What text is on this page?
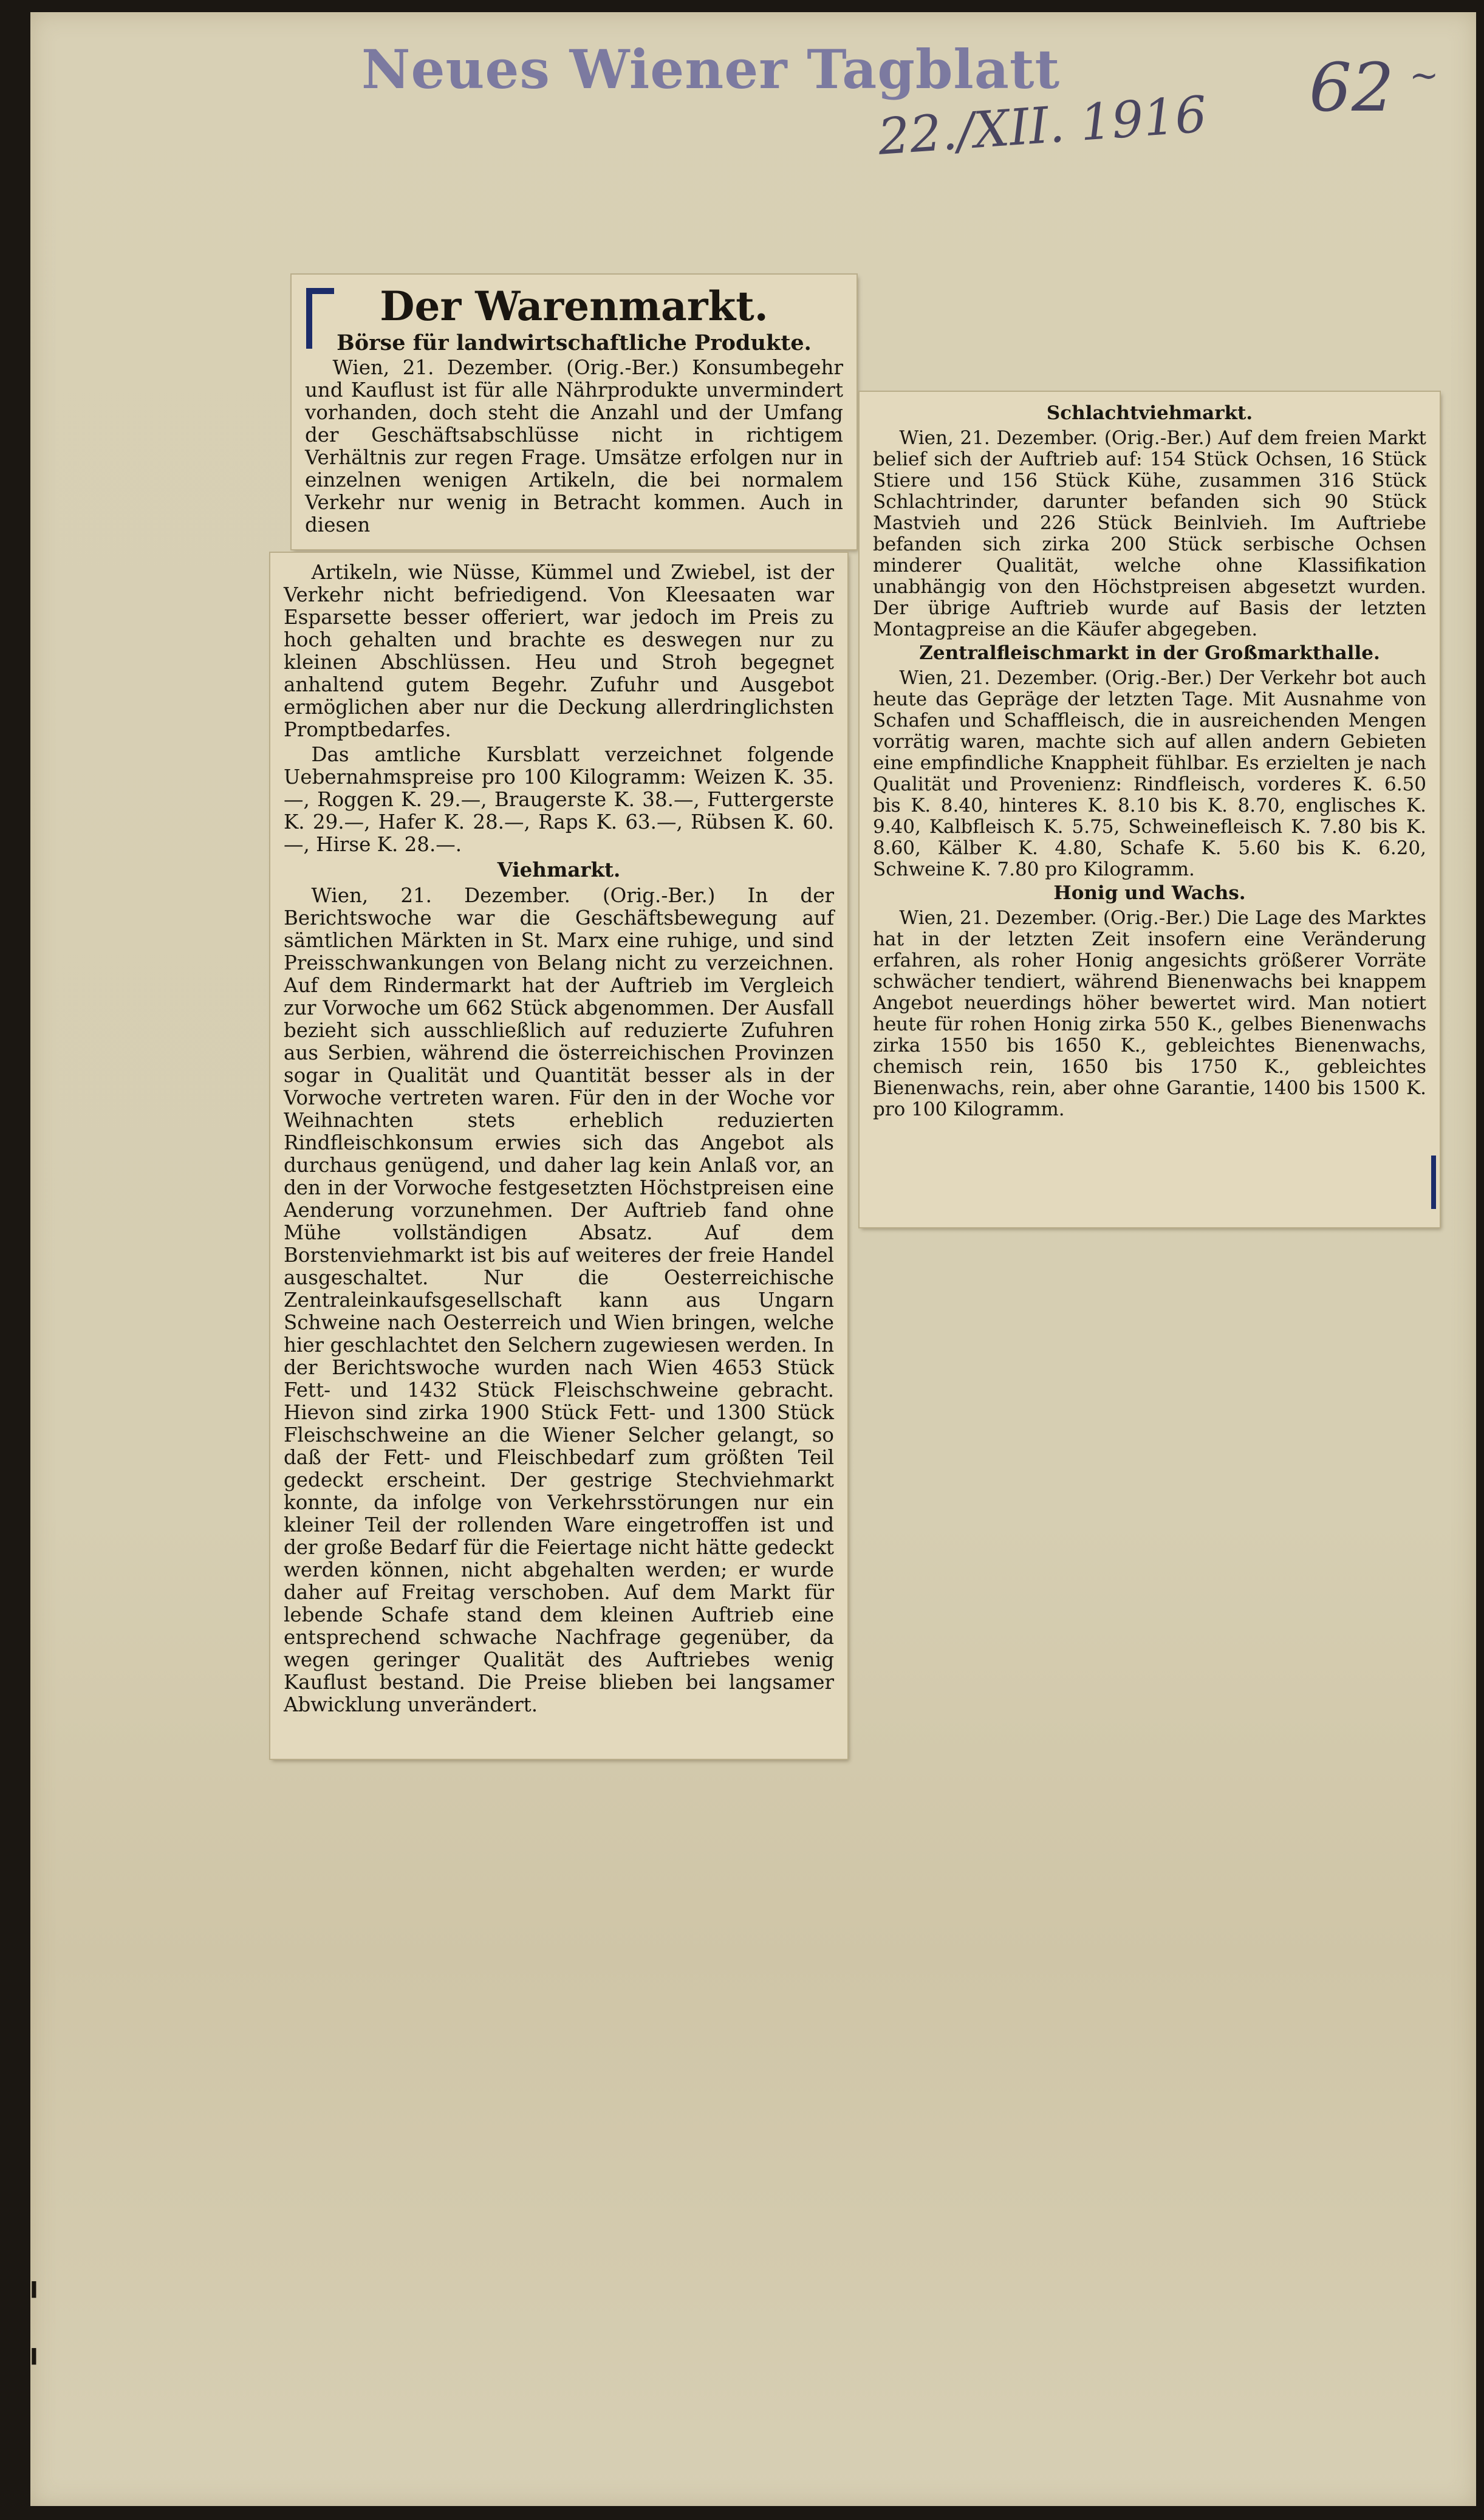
Neues Wiener Tagblatt
22./XII. 1916 62 ~
Der Warenmarkt.
Börse für landwirtschaftliche Produkte.

Wien, 21. Dezember. (Orig.-Ber.) Konsumbegehr und Kauflust ist für alle Nährprodukte unvermindert vorhanden, doch steht die Anzahl und der Umfang der Geschäftsabschlüsse nicht in richtigem Verhältnis zur regen Frage. Umsätze erfolgen nur in einzelnen wenigen Artikeln, die bei normalem Verkehr nur wenig in Betracht kommen. Auch in diesen

Artikeln, wie Nüsse, Kümmel und Zwiebel, ist der Verkehr nicht befriedigend. Von Kleesaaten war Esparsette besser offeriert, war jedoch im Preis zu hoch gehalten und brachte es deswegen nur zu kleinen Abschlüssen. Heu und Stroh begegnet anhaltend gutem Begehr. Zufuhr und Ausgebot ermöglichen aber nur die Deckung allerdringlichsten Promptbedarfes.

Das amtliche Kursblatt verzeichnet folgende Uebernahmspreise pro 100 Kilogramm: Weizen K. 35.—, Roggen K. 29.—, Braugerste K. 38.—, Futtergerste K. 29.—, Hafer K. 28.—, Raps K. 63.—, Rübsen K. 60.—, Hirse K. 28.—.

Viehmarkt.

Wien, 21. Dezember. (Orig.-Ber.) In der Berichtswoche war die Geschäftsbewegung auf sämtlichen Märkten in St. Marx eine ruhige, und sind Preisschwankungen von Belang nicht zu verzeichnen. Auf dem Rindermarkt hat der Auftrieb im Vergleich zur Vorwoche um 662 Stück abgenommen. Der Ausfall bezieht sich ausschließlich auf reduzierte Zufuhren aus Serbien, während die österreichischen Provinzen sogar in Qualität und Quantität besser als in der Vorwoche vertreten waren. Für den in der Woche vor Weihnachten stets erheblich reduzierten Rindfleischkonsum erwies sich das Angebot als durchaus genügend, und daher lag kein Anlaß vor, an den in der Vorwoche festgesetzten Höchstpreisen eine Aenderung vorzunehmen. Der Auftrieb fand ohne Mühe vollständigen Absatz. Auf dem Borstenviehmarkt ist bis auf weiteres der freie Handel ausgeschaltet. Nur die Oesterreichische Zentraleinkaufsgesellschaft kann aus Ungarn Schweine nach Oesterreich und Wien bringen, welche hier geschlachtet den Selchern zugewiesen werden. In der Berichtswoche wurden nach Wien 4653 Stück Fett- und 1432 Stück Fleischschweine gebracht. Hievon sind zirka 1900 Stück Fett- und 1300 Stück Fleischschweine an die Wiener Selcher gelangt, so daß der Fett- und Fleischbedarf zum größten Teil gedeckt erscheint. Der gestrige Stechviehmarkt konnte, da infolge von Verkehrsstörungen nur ein kleiner Teil der rollenden Ware eingetroffen ist und der große Bedarf für die Feiertage nicht hätte gedeckt werden können, nicht abgehalten werden; er wurde daher auf Freitag verschoben. Auf dem Markt für lebende Schafe stand dem kleinen Auftrieb eine entsprechend schwache Nachfrage gegenüber, da wegen geringer Qualität des Auftriebes wenig Kauflust bestand. Die Preise blieben bei langsamer Abwicklung unverändert.

Schlachtviehmarkt.

Wien, 21. Dezember. (Orig.-Ber.) Auf dem freien Markt belief sich der Auftrieb auf: 154 Stück Ochsen, 16 Stück Stiere und 156 Stück Kühe, zusammen 316 Stück Schlachtrinder, darunter befanden sich 90 Stück Mastvieh und 226 Stück Beinlvieh. Im Auftriebe befanden sich zirka 200 Stück serbische Ochsen minderer Qualität, welche ohne Klassifikation unabhängig von den Höchstpreisen abgesetzt wurden. Der übrige Auftrieb wurde auf Basis der letzten Montagpreise an die Käufer abgegeben.

Zentralfleischmarkt in der Großmarkthalle.

Wien, 21. Dezember. (Orig.-Ber.) Der Verkehr bot auch heute das Gepräge der letzten Tage. Mit Ausnahme von Schafen und Schaffleisch, die in ausreichenden Mengen vorrätig waren, machte sich auf allen andern Gebieten eine empfindliche Knappheit fühlbar. Es erzielten je nach Qualität und Provenienz: Rindfleisch, vorderes K. 6.50 bis K. 8.40, hinteres K. 8.10 bis K. 8.70, englisches K. 9.40, Kalbfleisch K. 5.75, Schweinefleisch K. 7.80 bis K. 8.60, Kälber K. 4.80, Schafe K. 5.60 bis K. 6.20, Schweine K. 7.80 pro Kilogramm.

Honig und Wachs.

Wien, 21. Dezember. (Orig.-Ber.) Die Lage des Marktes hat in der letzten Zeit insofern eine Veränderung erfahren, als roher Honig angesichts größerer Vorräte schwächer tendiert, während Bienenwachs bei knappem Angebot neuerdings höher bewertet wird. Man notiert heute für rohen Honig zirka 550 K., gelbes Bienenwachs zirka 1550 bis 1650 K., gebleichtes Bienenwachs, chemisch rein, 1650 bis 1750 K., gebleichtes Bienenwachs, rein, aber ohne Garantie, 1400 bis 1500 K. pro 100 Kilogramm.

╹
╹
